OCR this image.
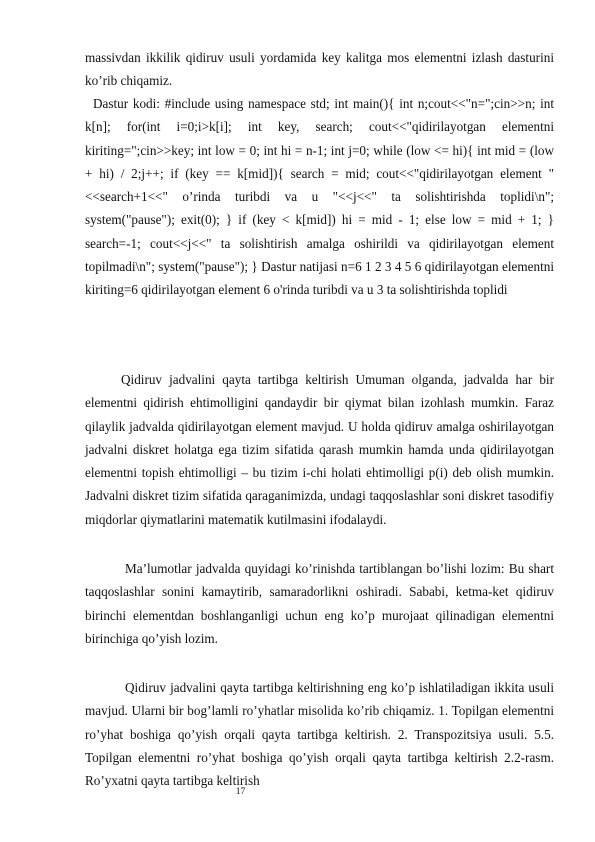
massivdan ikkilik qidiruv usuli yordamida key kalitga mos elementni izlash dasturini ko’rib chiqamiz.

Dastur kodi: #include using namespace std; int main(){ int n;cout<<"n=";cin>>n; int k[n]; for(int i=0;i>k[i]; int key, search; cout<<"qidirilayotgan elementni kiriting=";cin>>key; int low = 0; int hi = n-1; int j=0; while (low <= hi){ int mid = (low + hi) / 2;j++; if (key == k[mid]){ search = mid; cout<<"qidirilayotgan element "<<search+1<<" o’rinda turibdi va u "<<j<<" ta solishtirishda toplidi\n"; system("pause"); exit(0); } if (key < k[mid]) hi = mid - 1; else low = mid + 1; } search=-1; cout<<j<<" ta solishtirish amalga oshirildi va qidirilayotgan element topilmadi\n"; system("pause"); } Dastur natijasi n=6 1 2 3 4 5 6 qidirilayotgan elementni kiriting=6 qidirilayotgan element 6 o'rinda turibdi va u 3 ta solishtirishda toplidi

Qidiruv jadvalini qayta tartibga keltirish Umuman olganda, jadvalda har bir elementni qidirish ehtimolligini qandaydir bir qiymat bilan izohlash mumkin. Faraz qilaylik jadvalda qidirilayotgan element mavjud. U holda qidiruv amalga oshirilayotgan jadvalni diskret holatga ega tizim sifatida qarash mumkin hamda unda qidirilayotgan elementni topish ehtimolligi – bu tizim i-chi holati ehtimolligi p(i) deb olish mumkin. Jadvalni diskret tizim sifatida qaraganimizda, undagi taqqoslashlar soni diskret tasodifiy miqdorlar qiymatlarini matematik kutilmasini ifodalaydi.

Ma’lumotlar jadvalda quyidagi ko’rinishda tartiblangan bo’lishi lozim: Bu shart taqqoslashlar sonini kamaytirib, samaradorlikni oshiradi. Sababi, ketma-ket qidiruv birinchi elementdan boshlanganligi uchun eng ko’p murojaat qilinadigan elementni birinchiga qo’yish lozim.

Qidiruv jadvalini qayta tartibga keltirishning eng ko’p ishlatiladigan ikkita usuli mavjud. Ularni bir bog’lamli ro’yhatlar misolida ko’rib chiqamiz. 1. Topilgan elementni ro’yhat boshiga qo’yish orqali qayta tartibga keltirish. 2. Transpozitsiya usuli. 5.5. Topilgan elementni ro’yhat boshiga qo’yish orqali qayta tartibga keltirish 2.2-rasm. Ro’yxatni qayta tartibga keltirish

17
